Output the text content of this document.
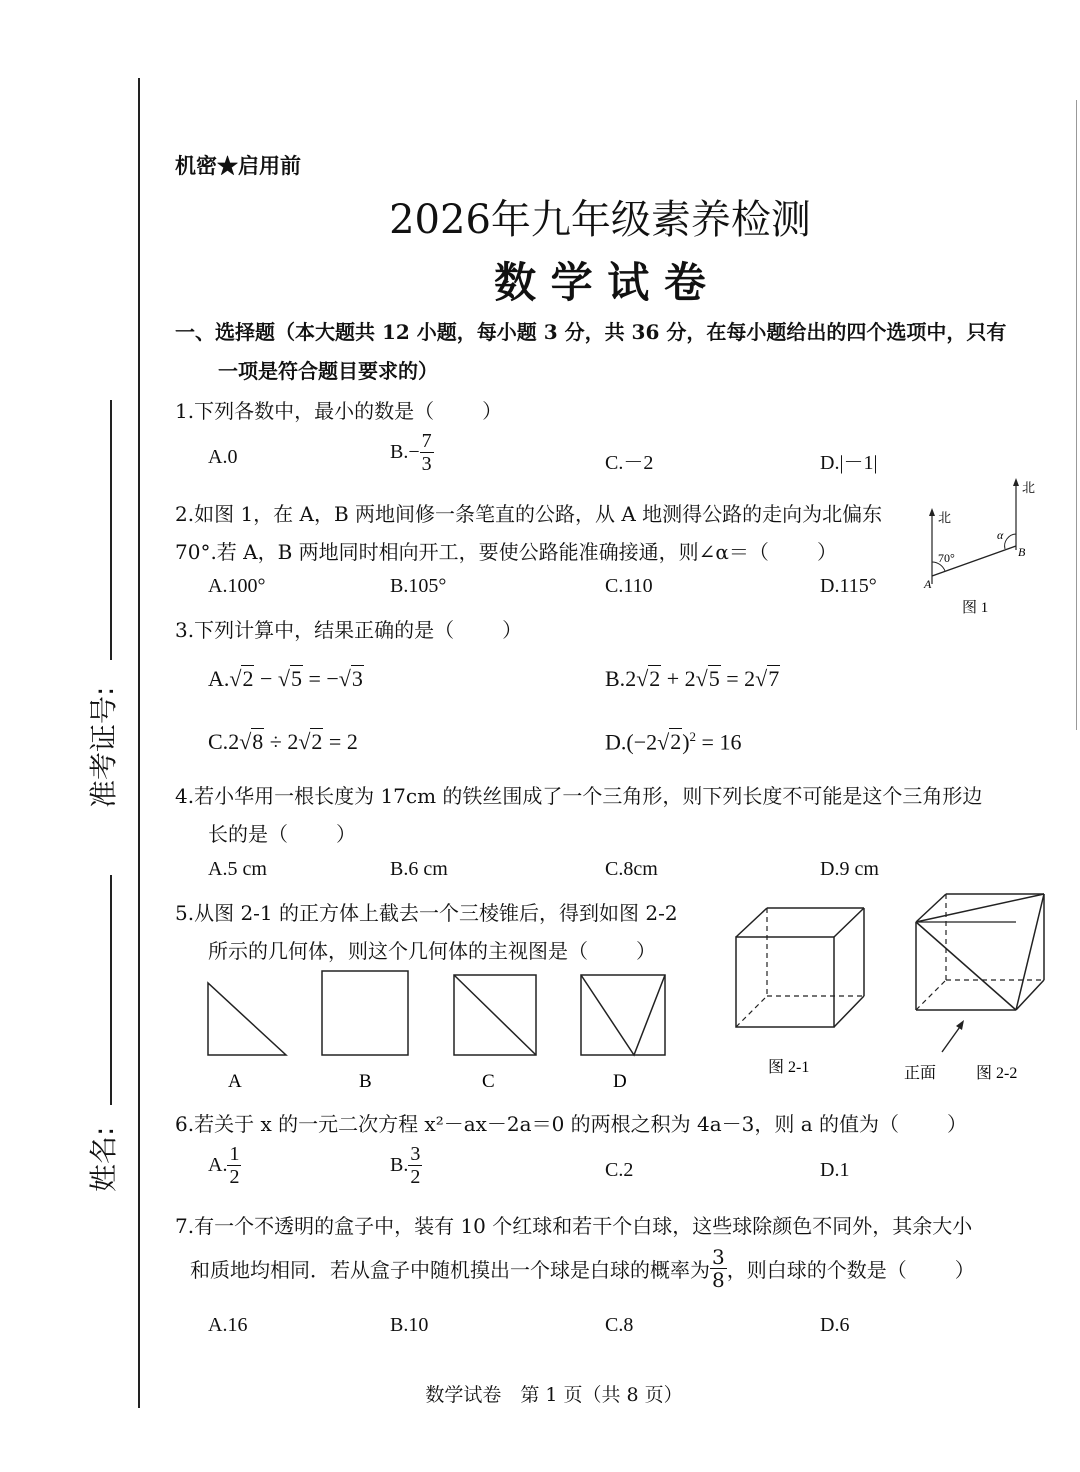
准考证号:
姓名:
机密★启用前
2026年九年级素养检测
数 学 试 卷
一、选择题（本大题共 12 小题，每小题 3 分，共 36 分，在每小题给出的四个选项中，只有
一项是符合题目要求的）
1.下列各数中，最小的数是（ ）
A.0	$B.- \frac{7}{3}$	C.－2	D.|－1|
2.如图 1，在 A，B 两地间修一条笔直的公路，从 A 地测得公路的走向为北偏东
70°.若 A，B 两地同时相向开工，要使公路能准确接通，则∠α＝（ ）
A.100°	B.105°	C.110	D.115°
北
北
70°
α
A
B
图 1
3.下列计算中，结果正确的是（ ）
A.√2 − √5 = −√3	B.2√2 + 2√5 = 2√7
C.2√8 ÷ 2√2 = 2	$D.(-2√2)^2 = 16$
4.若小华用一根长度为 17cm 的铁丝围成了一个三角形，则下列长度不可能是这个三角形边
长的是（ ）
A.5 cm	B.6 cm	C.8cm	D.9 cm
5.从图 2-1 的正方体上截去一个三棱锥后，得到如图 2-2
所示的几何体，则这个几何体的主视图是（ ）
A	B	C	D
图 2-1	正面 图 2-2
6.若关于 x 的一元二次方程 x²－ax－2a＝0 的两根之积为 4a－3，则 a 的值为（ ）
A. $\frac{1}{2}$	B. $\frac{3}{2}$	C.2	D.1
7.有一个不透明的盒子中，装有 10 个红球和若干个白球，这些球除颜色不同外，其余大小
和质地均相同．若从盒子中随机摸出一个球是白球的概率为 $\frac{3}{8}$ ，则白球的个数是（ ）
A.16	B.10	C.8	D.6
数学试卷　第 1 页（共 8 页）
